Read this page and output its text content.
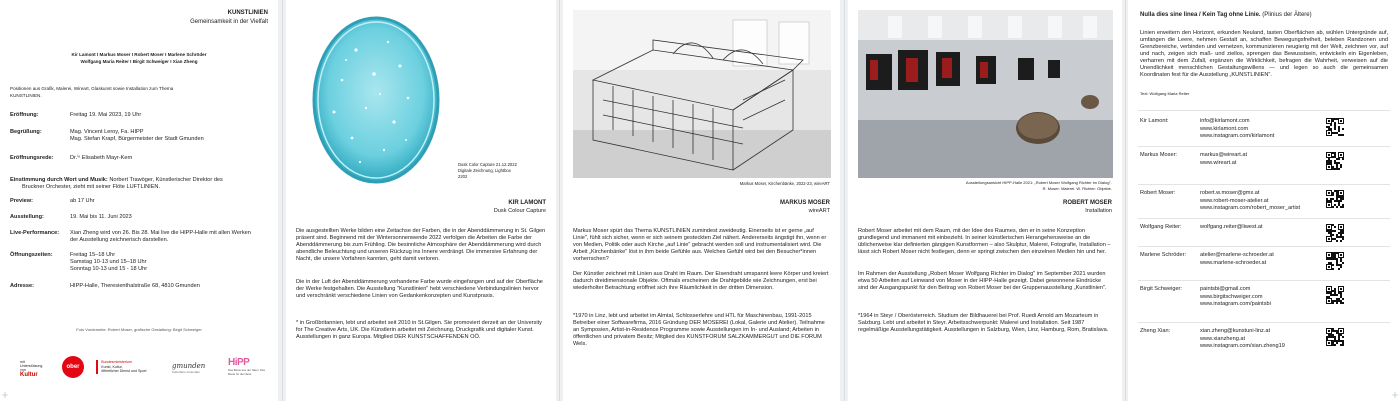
KUNSTLINIEN

Gemeinsamkeit in der Vielfalt

Kir Lamont I Markus Moser I Robert Moser I Marlene Schröder

Wolfgang Maria Reiter I Birgit Schweiger I Xian Zheng

Positionen aus Grafik, Malerei, Wireart, Glaskunst sowie Installation zum Thema

KUNSTLINIEN.

Eröffnung:	Freitag 19. Mai 2023, 19 Uhr
Begrüßung:	Mag. Vincent Leroy, Fa. HIPP
Mag. Stefan Krapf, Bürgermeister der Stadt Gmunden
Eröffnungsrede:	Dr.ⁱⁿ Elisabeth Mayr-Kern

Einstimmung durch Wort und Musik: Norbert Trawöger, Künstlerischer Direktor des

Bruckner Orchester, zieht mit seiner Flöte LUFTLINIEN.

Preview:	ab 17 Uhr
Ausstellung:	19. Mai bis 11. Juni 2023
Live-Performance: Xian Zheng wird von 26. Bis 28. Mai live die HIPP-Halle mit allen Werken
der Ausstellung zeichnerisch darstellen.
Öffnungszeiten:	Freitag 15–18 Uhr
Samstag 10-13 und 15–18 Uhr
Sonntag 10-13 und 15 - 18 Uhr
Adresse:	HIPP-Halle, Theresienthalstraße 68, 4810 Gmunden

Foto Vorderseite: Robert Moser, grafische Gestaltung: Birgit Schweiger

mit Unterstützung von
Kultur
ober

Bundesministerium
Kunst, Kultur,
öffentlicher Dienst und Sport
gmunden
Kulturbüro Gmunden
HiPP
Das Beste aus der Natur. Das Beste für die Natur.

Dusk Color Capture 21.12.2022

Digitale Zeichnung, Lightbox

2202

KIR LAMONT

Dusk Colour Capture

Die ausgestellten Werke bilden eine Zeitachse der Farben, die in der Abenddämmerung in St. Gilgen präsent sind. Beginnend mit der Wintersonnenwende 2022 verfolgen die Arbeiten die Farbe der Abenddämmerung bis zum Frühling. Die besinnliche Atmosphäre der Abenddämmerung wird durch abendliche Beleuchtung und unseren Rückzug ins Innere verdrängt. Die immersive Erfahrung der Nacht, die unsere Vorfahren kannten, geht damit verloren.

Die in der Luft der Abenddämmerung vorhandene Farbe wurde eingefangen und auf der Oberfläche der Werke festgehalten. Die Ausstellung "Kunstlinien" hebt verschiedene Verbindungslinien hervor und verschränkt verschiedene Linien von Gedankenkonzepten und Kunstpraxis.

* in Großbritannien, lebt und arbeitet seit 2010 in St.Gilgen. Sie promoviert derzeit an der University for The Creative Arts, UK. Die Künstlerin arbeitet mit Zeichnung, Druckgrafik und digitaler Kunst. Ausstellungen in ganz Europa. Mitglied DER KUNSTSCHAFFENDEN OÖ.

Markus Moser, Kirchenbänke, 2022-23, wireART

MARKUS MOSER

wireART

Markus Moser spürt das Thema KUNSTLINIEN zumindest zweideutig. Einerseits ist er gerne „auf Linie", fühlt sich sicher, wenn er sich seinem gesteckten Ziel nähert. Andererseits ängstigt ihn, wenn er von Medien, Politik oder auch Kirche „auf Linie" gebracht werden soll und instrumentalisiert wird. Die Arbeit „Kirchenbänke" löst in ihm beide Gefühle aus. Welches Gefühl wird bei den Besucher*innen vorherrschen?

Der Künstler zeichnet mit Linien aus Draht im Raum. Der Eisendraht umspannt leere Körper und kreiert dadurch dreidimensionale Objekte. Oftmals erscheinen die Drahtgebilde wie Zeichnungen, erst bei wiederholter Betrachtung eröffnet sich ihre Räumlichkeit in der dritten Dimension.

*1970 in Linz, lebt und arbeitet im Almtal, Schlosserlehre und HTL für Maschinenbau, 1991-2015 Betreiber einer Softwarefirma, 2016 Gründung DER MOSEREI (Lokal, Galerie und Atelier). Teilnahme an Symposien, Artist-in-Residence Programme sowie Ausstellungen im In- und Ausland; Arbeiten in öffentlichen und privatem Besitz; Mitglied des KUNSTFORUM SALZKAMMERGUT und DIE FORUM Wels.

Ausstellungsansicht HIPP-Halle 2021: „Robert Moser Wolfgang Richter im Dialog".

R. Moser: Malerei. W. Richter: Objekte.

ROBERT MOSER

Installation

Robert Moser arbeitet mit dem Raum, mit der Idee des Raumes, den er in seine Konzeption grundlegend und immanent mit einbezieht. In seiner künstlerischen Herangehensweise an die üblicherweise klar definierten gängigen Kunstformen – also Skulptur, Malerei, Fotografie, Installation – lässt sich Robert Moser nicht festlegen, denn er springt zwischen den einzelnen Medien hin und her.

Im Rahmen der Ausstellung „Robert Moser Wolfgang Richter im Dialog" im September 2021 wurden etwa 50 Arbeiten auf Leinwand von Moser in der HIPP-Halle gezeigt. Dabei gewonnene Eindrücke sind der Ausgangspunkt für den Beitrag von Robert Moser bei der Gruppenausstellung „Kunstlinien".

*1964 in Steyr / Oberösterreich. Studium der Bildhauerei bei Prof. Ruedi Arnold am Mozarteum in Salzburg. Lebt und arbeitet in Steyr. Arbeitsschwerpunkt: Malerei und Installation. Seit 1987 regelmäßige Ausstellungstätigkeit. Ausstellungen in Salzburg, Wien, Linz, Hamburg, Rom, Bratislava.

Nulla dies sine linea / Kein Tag ohne Linie. (Plinius der Ältere)

Linien erweitern den Horizont, erkunden Neuland, tasten Oberflächen ab, wühlen Untergründe auf, umfangen die Leere, nehmen Gestalt an, schaffen Bewegungsfreiheit, beleben Randzonen und Grenzbereiche, verbinden und vernetzen, kommunizieren neugierig mit der Welt, zeichnen vor, auf und nach, zeigen sich maß- und ziellos, sprengen das Bewusstsein, entwickeln ein Eigenleben, verharren mit dem Zufall, ergänzen die Wirklichkeit, befragen die Wahrheit, verweisen auf die Unendlichkeit menschlichen Gestaltungswillens — und legen so auch die gemeinsamen Koordinaten fest für die Ausstellung „KUNSTLINIEN".

Text: Wolfgang Maria Reiter

Kir Lamont:	info@kirlamont.com
www.kirlamont.com
www.instagram.com/kirlamont
Markus Moser:	markus@wireart.at
www.wireart.at
Robert Moser:	robert.w.moser@gmx.at
www.robert-moser-atelier.at
www.instagram.com/robert_moser_artist
Wolfgang Reiter:	wolfgang.reiter@liwest.at
Marlene Schröder: atelier@marlene-schroeder.at
www.marlene-schroeder.at
Birgit Schweiger:	paintsbi@gmail.com
www.birgitschweiger.com
www.instagram.com/paintsbi
Zheng Xian:	xian.zheng@kunstuni-linz.at
www.xianzheng.at
www.instagram.com/xian.zheng19
